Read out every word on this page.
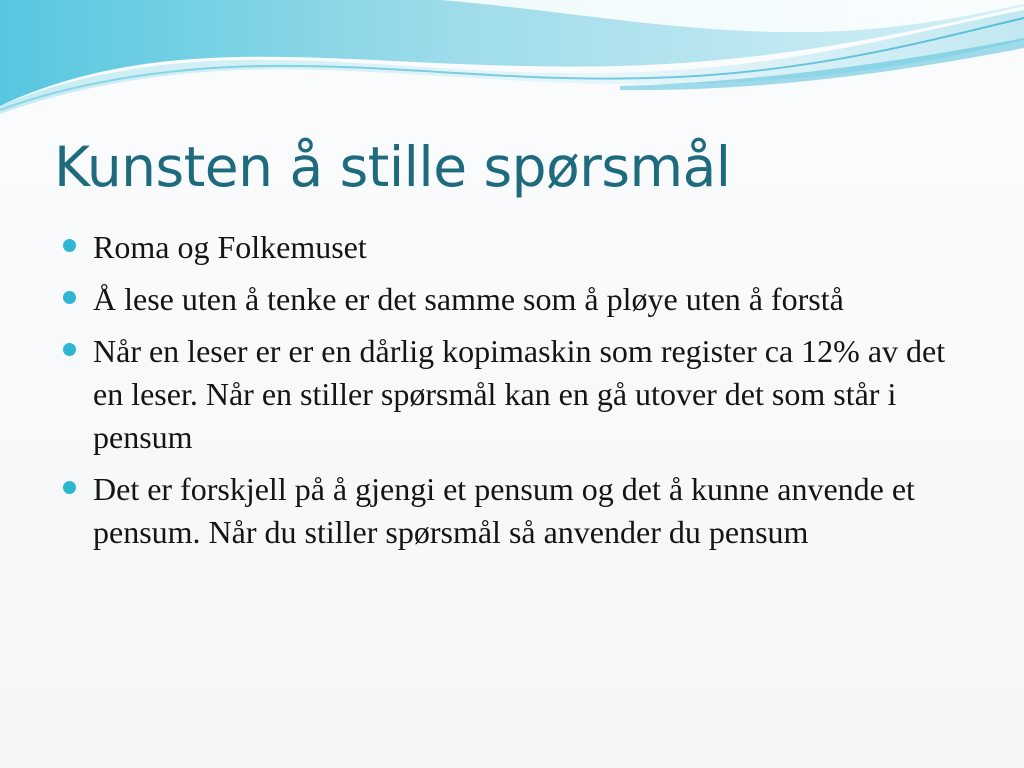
Kunsten å stille spørsmål
Roma og Folkemuset
Å lese uten å tenke er det samme som å pløye uten å forstå
Når en leser er er en dårlig kopimaskin som register ca 12% av det en leser. Når en stiller spørsmål kan en gå utover det som står i pensum
Det er forskjell på å gjengi et pensum og det å kunne anvende et pensum. Når du stiller spørsmål så anvender du pensum
